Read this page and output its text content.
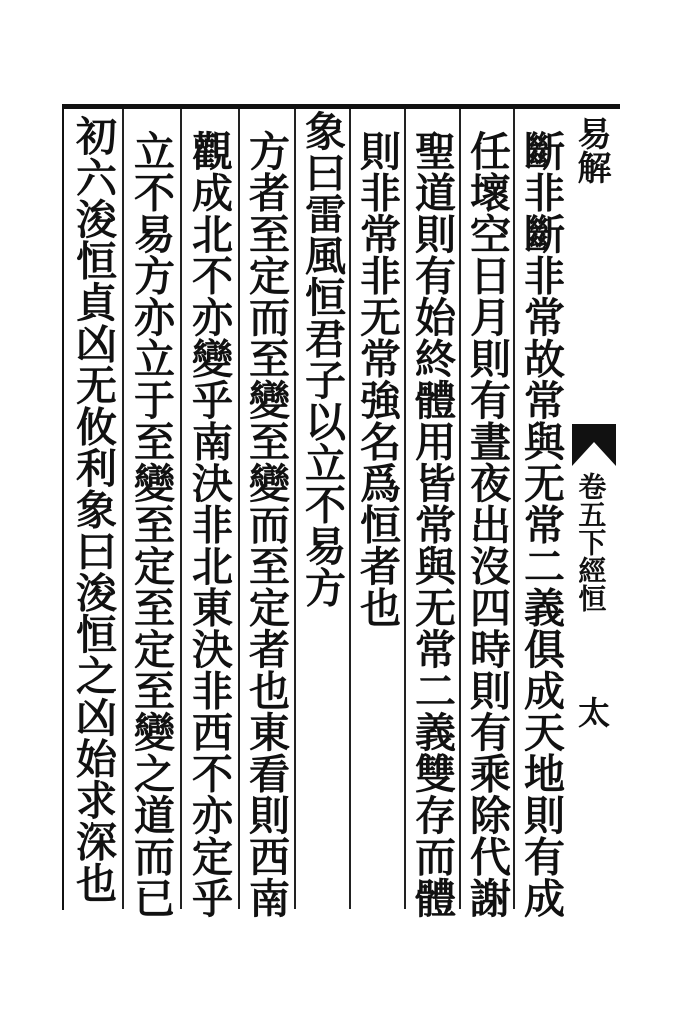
易解
卷五下經恒
太
斷非斷非常故常與无常二義俱成天地則有成
任壞空日月則有晝夜出沒四時則有乘除代謝
聖道則有始終體用皆常與无常二義雙存而體
則非常非无常強名爲恒者也
象曰雷風恒君子以立不易方
方者至定而至變至變而至定者也東看則西南
觀成北不亦變乎南決非北東決非西不亦定乎
立不易方亦立于至變至定至定至變之道而已
初六浚恒貞凶无攸利象曰浚恒之凶始求深也
